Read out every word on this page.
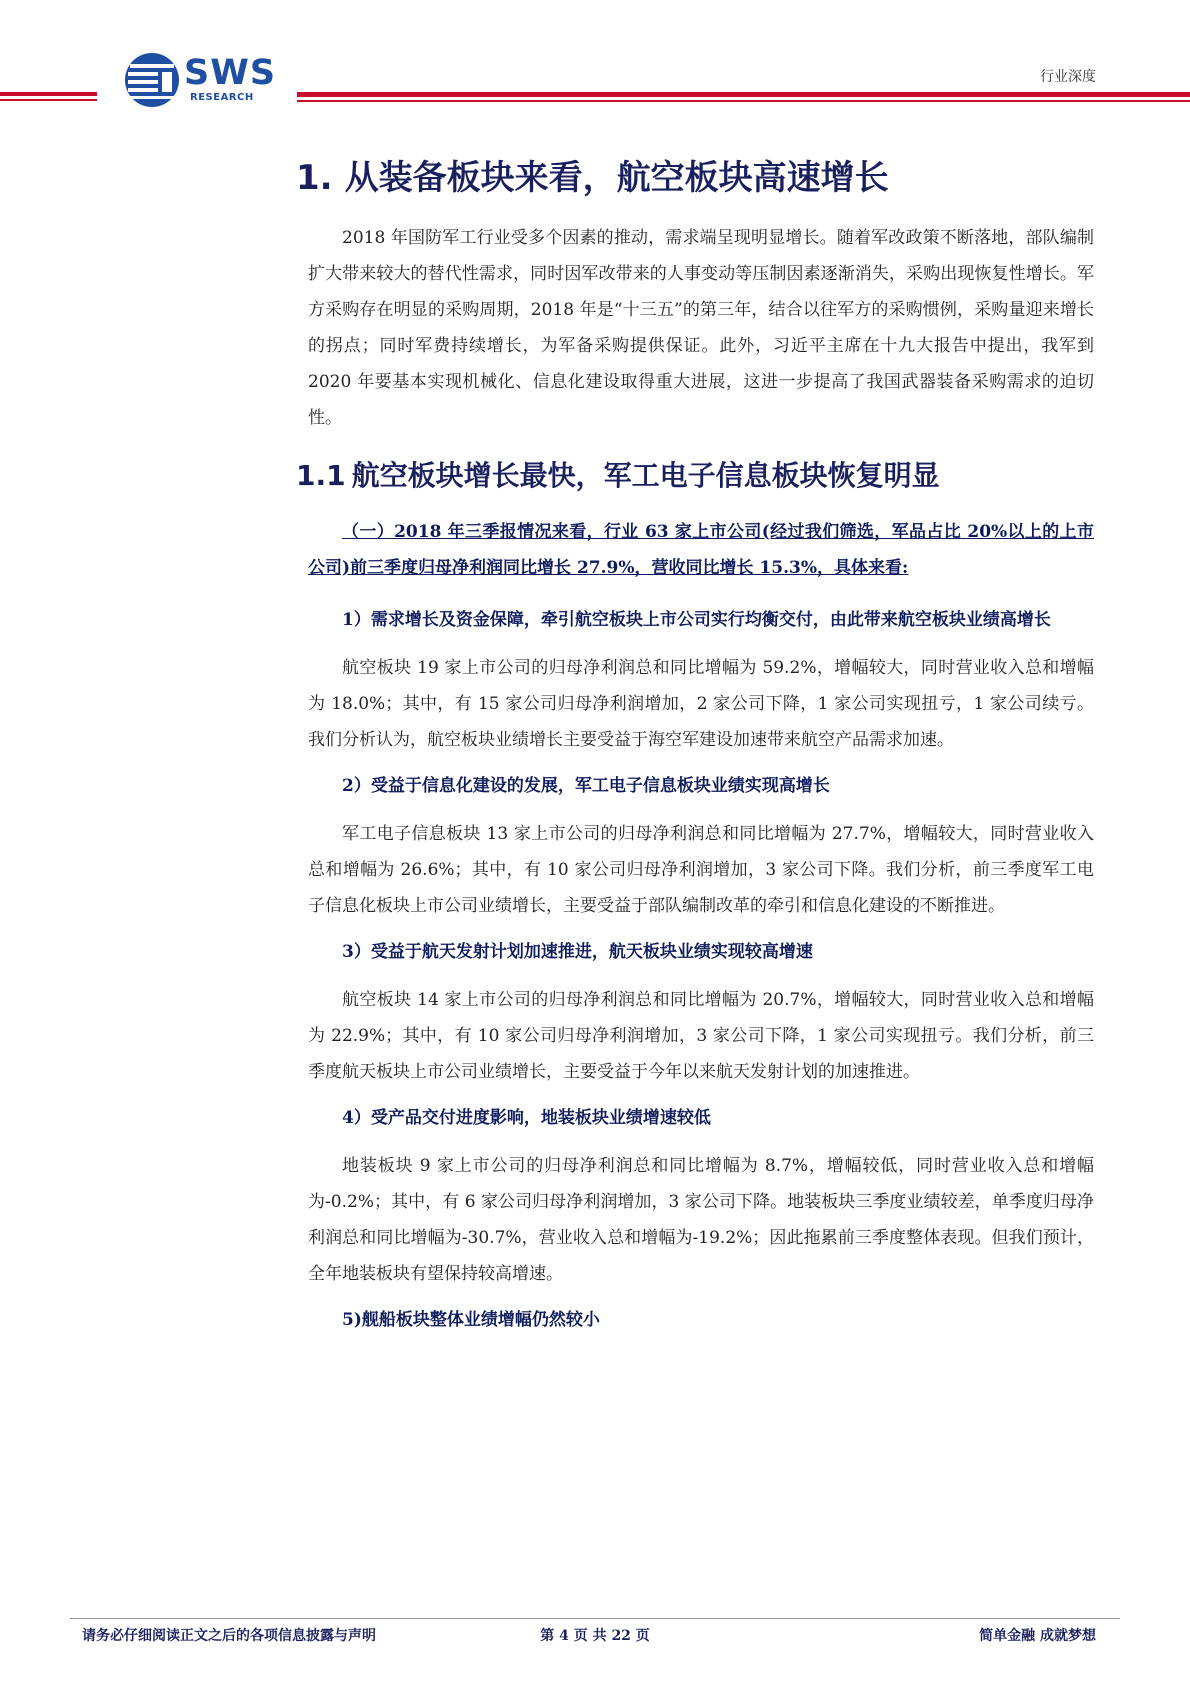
SWS
RESEARCH
行业深度
1. 从装备板块来看，航空板块高速增长

2018 年国防军工行业受多个因素的推动，需求端呈现明显增长。随着军改政策不断落地，部队编制扩大带来较大的替代性需求，同时因军改带来的人事变动等压制因素逐渐消失，采购出现恢复性增长。军方采购存在明显的采购周期，2018 年是“十三五”的第三年，结合以往军方的采购惯例，采购量迎来增长的拐点；同时军费持续增长，为军备采购提供保证。此外，习近平主席在十九大报告中提出，我军到 2020 年要基本实现机械化、信息化建设取得重大进展，这进一步提高了我国武器装备采购需求的迫切性。

1.1 航空板块增长最快，军工电子信息板块恢复明显

（一）2018 年三季报情况来看，行业 63 家上市公司(经过我们筛选，军品占比 20%以上的上市公司)前三季度归母净利润同比增长 27.9%，营收同比增长 15.3%，具体来看:

1）需求增长及资金保障，牵引航空板块上市公司实行均衡交付，由此带来航空板块业绩高增长

航空板块 19 家上市公司的归母净利润总和同比增幅为 59.2%，增幅较大，同时营业收入总和增幅为 18.0%；其中，有 15 家公司归母净利润增加，2 家公司下降，1 家公司实现扭亏，1 家公司续亏。我们分析认为，航空板块业绩增长主要受益于海空军建设加速带来航空产品需求加速。

2）受益于信息化建设的发展，军工电子信息板块业绩实现高增长

军工电子信息板块 13 家上市公司的归母净利润总和同比增幅为 27.7%，增幅较大，同时营业收入总和增幅为 26.6%；其中，有 10 家公司归母净利润增加，3 家公司下降。我们分析，前三季度军工电子信息化板块上市公司业绩增长，主要受益于部队编制改革的牵引和信息化建设的不断推进。

3）受益于航天发射计划加速推进，航天板块业绩实现较高增速

航空板块 14 家上市公司的归母净利润总和同比增幅为 20.7%，增幅较大，同时营业收入总和增幅为 22.9%；其中，有 10 家公司归母净利润增加，3 家公司下降，1 家公司实现扭亏。我们分析，前三季度航天板块上市公司业绩增长，主要受益于今年以来航天发射计划的加速推进。

4）受产品交付进度影响，地装板块业绩增速较低

地装板块 9 家上市公司的归母净利润总和同比增幅为 8.7%，增幅较低，同时营业收入总和增幅为-0.2%；其中，有 6 家公司归母净利润增加，3 家公司下降。地装板块三季度业绩较差，单季度归母净利润总和同比增幅为-30.7%，营业收入总和增幅为-19.2%；因此拖累前三季度整体表现。但我们预计，全年地装板块有望保持较高增速。

5)舰船板块整体业绩增幅仍然较小
请务必仔细阅读正文之后的各项信息披露与声明	第 4 页 共 22 页	简单金融 成就梦想
